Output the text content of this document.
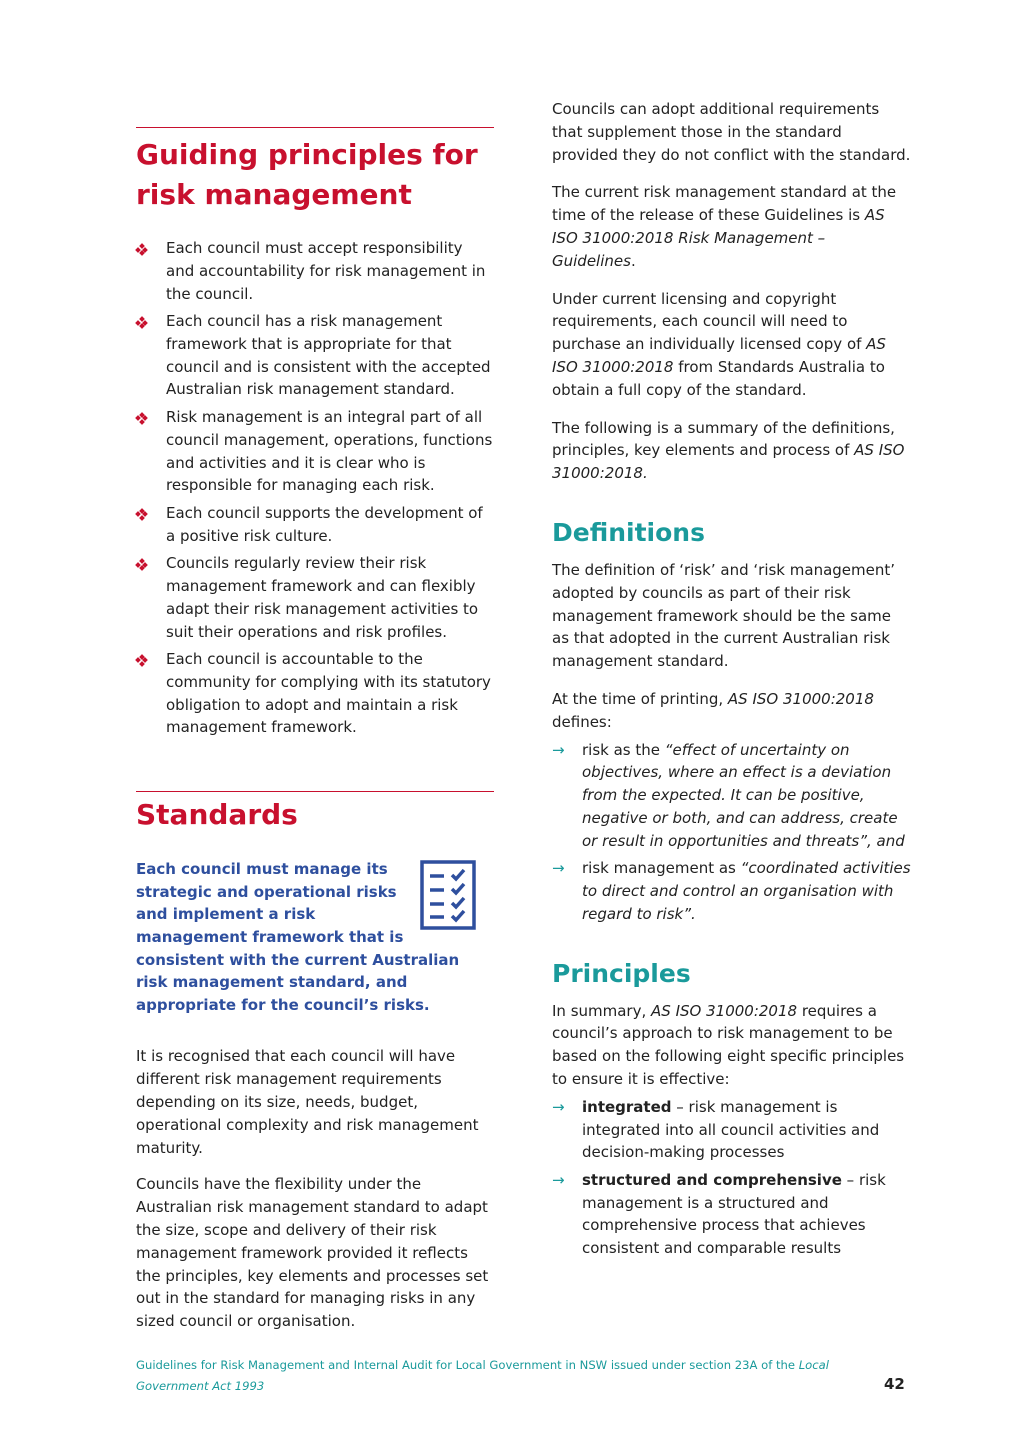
Guiding principles for risk management
Each council must accept responsibility and accountability for risk management in the council.
Each council has a risk management framework that is appropriate for that council and is consistent with the accepted Australian risk management standard.
Risk management is an integral part of all council management, operations, functions and activities and it is clear who is responsible for managing each risk.
Each council supports the development of a positive risk culture.
Councils regularly review their risk management framework and can flexibly adapt their risk management activities to suit their operations and risk profiles.
Each council is accountable to the community for complying with its statutory obligation to adopt and maintain a risk management framework.
Standards
Each council must manage its strategic and operational risks and implement a risk management framework that is consistent with the current Australian risk management standard, and appropriate for the council’s risks.

It is recognised that each council will have different risk management requirements depending on its size, needs, budget, operational complexity and risk management maturity.

Councils have the flexibility under the Australian risk management standard to adapt the size, scope and delivery of their risk management framework provided it reflects the principles, key elements and processes set out in the standard for managing risks in any sized council or organisation.

Councils can adopt additional requirements that supplement those in the standard provided they do not conflict with the standard.

The current risk management standard at the time of the release of these Guidelines is AS ISO 31000:2018 Risk Management – Guidelines.

Under current licensing and copyright requirements, each council will need to purchase an individually licensed copy of AS ISO 31000:2018 from Standards Australia to obtain a full copy of the standard.

The following is a summary of the definitions, principles, key elements and process of AS ISO 31000:2018.

Definitions

The definition of ‘risk’ and ‘risk management’ adopted by councils as part of their risk management framework should be the same as that adopted in the current Australian risk management standard.

At the time of printing, AS ISO 31000:2018 defines:

→ risk as the “effect of uncertainty on objectives, where an effect is a deviation from the expected. It can be positive, negative or both, and can address, create or result in opportunities and threats”, and
→ risk management as “coordinated activities to direct and control an organisation with regard to risk”.
Principles

In summary, AS ISO 31000:2018 requires a council’s approach to risk management to be based on the following eight specific principles to ensure it is effective:

→ integrated – risk management is integrated into all council activities and decision-making processes
→ structured and comprehensive – risk management is a structured and comprehensive process that achieves consistent and comparable results
Guidelines for Risk Management and Internal Audit for Local Government in NSW issued under section 23A of the Local Government Act 1993	42
